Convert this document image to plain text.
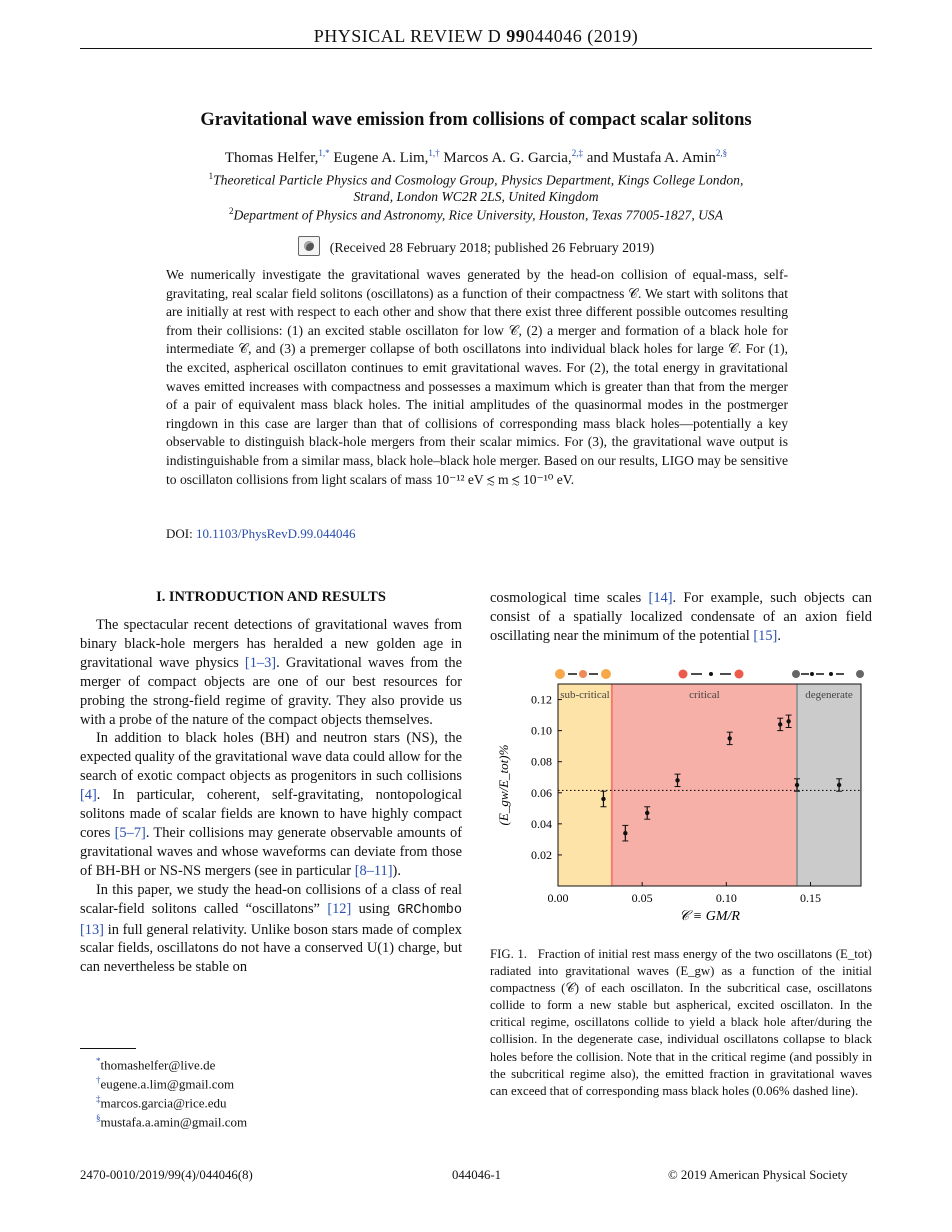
PHYSICAL REVIEW D 99044046 (2019)
Gravitational wave emission from collisions of compact scalar solitons
Thomas Helfer,$^{1,*}$ Eugene A. Lim,$^{1,\dagger}$ Marcos A. G. Garcia,$^{2,\ddagger}$ and Mustafa A. Amin$^{2,\S}$
$^1$Theoretical Particle Physics and Cosmology Group, Physics Department, Kings College London,
Strand, London WC2R 2LS, United Kingdom
$^2$Department of Physics and Astronomy, Rice University, Houston, Texas 77005-1827, USA
(Received 28 February 2018; published 26 February 2019)
We numerically investigate the gravitational waves generated by the head-on collision of equal-mass, self-gravitating, real scalar field solitons (oscillatons) as a function of their compactness 𝒞. We start with solitons that are initially at rest with respect to each other and show that there exist three different possible outcomes resulting from their collisions: (1) an excited stable oscillaton for low 𝒞, (2) a merger and formation of a black hole for intermediate 𝒞, and (3) a premerger collapse of both oscillatons into individual black holes for large 𝒞. For (1), the excited, aspherical oscillaton continues to emit gravitational waves. For (2), the total energy in gravitational waves emitted increases with compactness and possesses a maximum which is greater than that from the merger of a pair of equivalent mass black holes. The initial amplitudes of the quasinormal modes in the postmerger ringdown in this case are larger than that of collisions of corresponding mass black holes—potentially a key observable to distinguish black-hole mergers from their scalar mimics. For (3), the gravitational wave output is indistinguishable from a similar mass, black hole–black hole merger. Based on our results, LIGO may be sensitive to oscillaton collisions from light scalars of mass 10⁻¹² eV ≲ m ≲ 10⁻¹⁰ eV.
DOI: 10.1103/PhysRevD.99.044046
I. INTRODUCTION AND RESULTS

The spectacular recent detections of gravitational waves from binary black-hole mergers has heralded a new golden age in gravitational wave physics [1–3]. Gravitational waves from the merger of compact objects are one of our best resources for probing the strong-field regime of gravity. They also provide us with a probe of the nature of the compact objects themselves.

In addition to black holes (BH) and neutron stars (NS), the expected quality of the gravitational wave data could allow for the search of exotic compact objects as progenitors in such collisions [4]. In particular, coherent, self-gravitating, nontopological solitons made of scalar fields are known to have highly compact cores [5–7]. Their collisions may generate observable amounts of gravitational waves and whose waveforms can deviate from those of BH-BH or NS-NS mergers (see in particular [8–11]).

In this paper, we study the head-on collisions of a class of real scalar-field solitons called “oscillatons” [12] using GRChombo [13] in full general relativity. Unlike boson stars made of complex scalar fields, oscillatons do not have a conserved U(1) charge, but can nevertheless be stable on

cosmological time scales [14]. For example, such objects can consist of a spatially localized condensate of an axion field oscillating near the minimum of the potential [15].

sub-critical	critical	degenerate
0.00	0.05	0.10	0.15
0.02
0.04
0.06
0.08
0.10
0.12
𝒞 ≡ GM/R
(E_gw/E_tot)%
FIG. 1. Fraction of initial rest mass energy of the two oscillatons (E_tot) radiated into gravitational waves (E_gw) as a function of the initial compactness (𝒞) of each oscillaton. In the subcritical case, oscillatons collide to form a new stable but aspherical, excited oscillaton. In the critical regime, oscillatons collide to yield a black hole after/during the collision. In the degenerate case, individual oscillatons collapse to black holes before the collision. Note that in the critical regime (and possibly in the subcritical regime also), the emitted fraction in gravitational waves can exceed that of corresponding mass black holes (0.06% dashed line).
*thomashelfer@live.de
†eugene.a.lim@gmail.com
‡marcos.garcia@rice.edu
§mustafa.a.amin@gmail.com
2470-0010/2019/99(4)/044046(8)	044046-1	© 2019 American Physical Society
